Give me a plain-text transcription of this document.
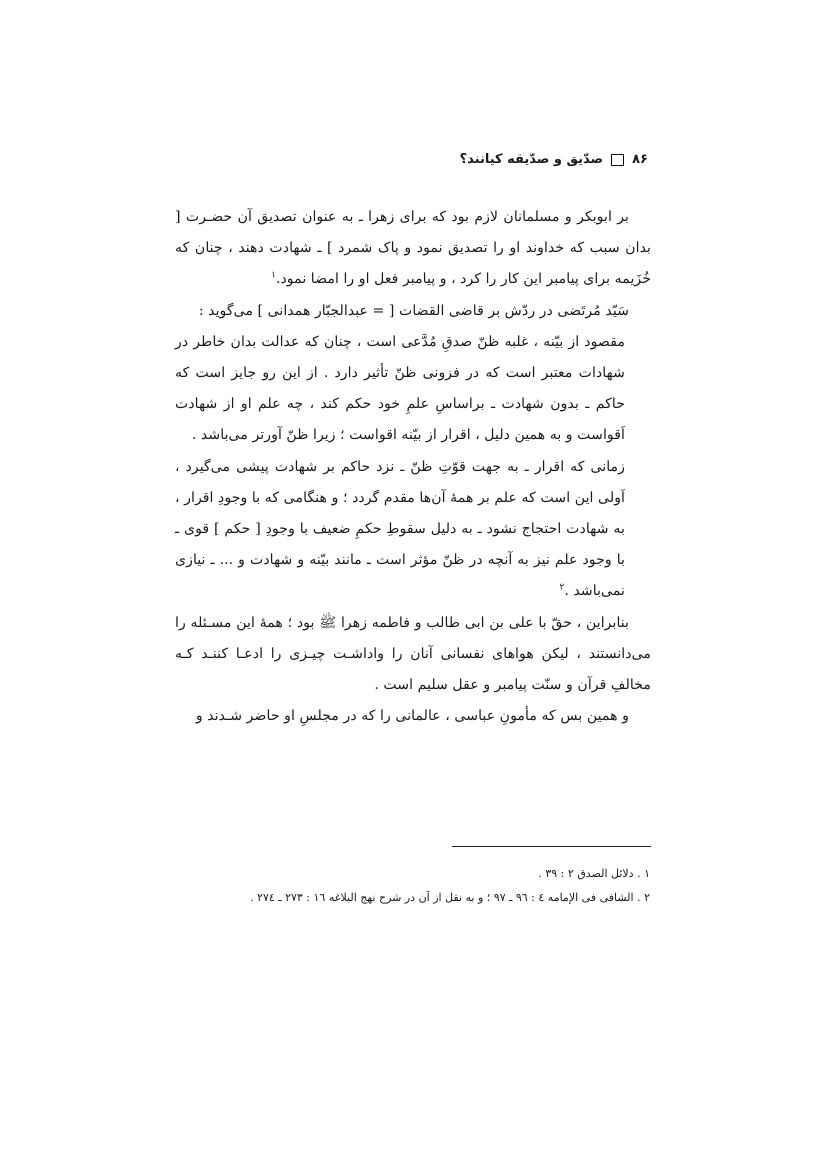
۸۶
صدّیق و صدّیقه کیانند؟

بر ابوبکر و مسلمانان لازم بود که برای زهرا ـ به عنوان تصدیق آن حضـرت [ بدان سبب که خداوند او را تصدیق نمود و پاک شمرد ] ـ شهادت دهند ، چنان که خُزَیمه برای پیامبر این کار را کرد ، و پیامبر فعل او را امضا نمود.$^۱$

سَیّد مُرتَضی در ردّش بر قاضی القضات [ = عبدالجبّار همدانی ] می‌گوید :

مقصود از بیّنه ، غلبه ظنّ صدقِ مُدَّعی است ، چنان که عدالت بدان خاطر در شهادات معتبر است که در فزونی ظنّ تأثیر دارد . از این رو جایز است که حاکم ـ بدون شهادت ـ براساسِ علمِ خود حکم کند ، چه علم او از شهادت اَقواست و به همین دلیل ، اقرار از بیّنه اقواست ؛ زیرا ظنّ آورتر می‌باشد .

زمانی که اقرار ـ به جهت قوّتِ ظنّ ـ نزد حاکم بر شهادت پیشی می‌گیرد ، اَولی این است که علم بر همهٔ آن‌ها مقدم گردد ؛ و هنگامی که با وجودِ اقرار ، به شهادت احتجاج نشود ـ به دلیل سقوطِ حکمِ ضعیف با وجودِ [ حکم ] قوی ـ با وجود علم نیز به آنچه در ظنّ مؤثر است ـ مانند بیّنه و شهادت و ... ـ نیازی نمی‌باشد .$^۲$

بنابراین ، حقّ با علی بن ابی طالب و فاطمه زهرا ﷺ بود ؛ همهٔ این مسـئله را می‌دانستند ، لیکن هواهای نفسانی آنان را واداشـت چیـزی را ادعـا کننـد کـه مخالفِ قرآن و سنّت پیامبر و عقل سلیم است .

و همین بس که مأمونِ عباسی ، عالمانی را که در مجلسِ او حاضر شـدند و

۱ . دلائل الصدق ۲ : ۳۹ .
۲ . الشافی فی الإمامه ٤ : ۹٦ ـ ۹۷ ؛ و به نقل از آن در شرح نهج البلاغه ۱٦ : ۲۷۳ ـ ۲۷٤ .
